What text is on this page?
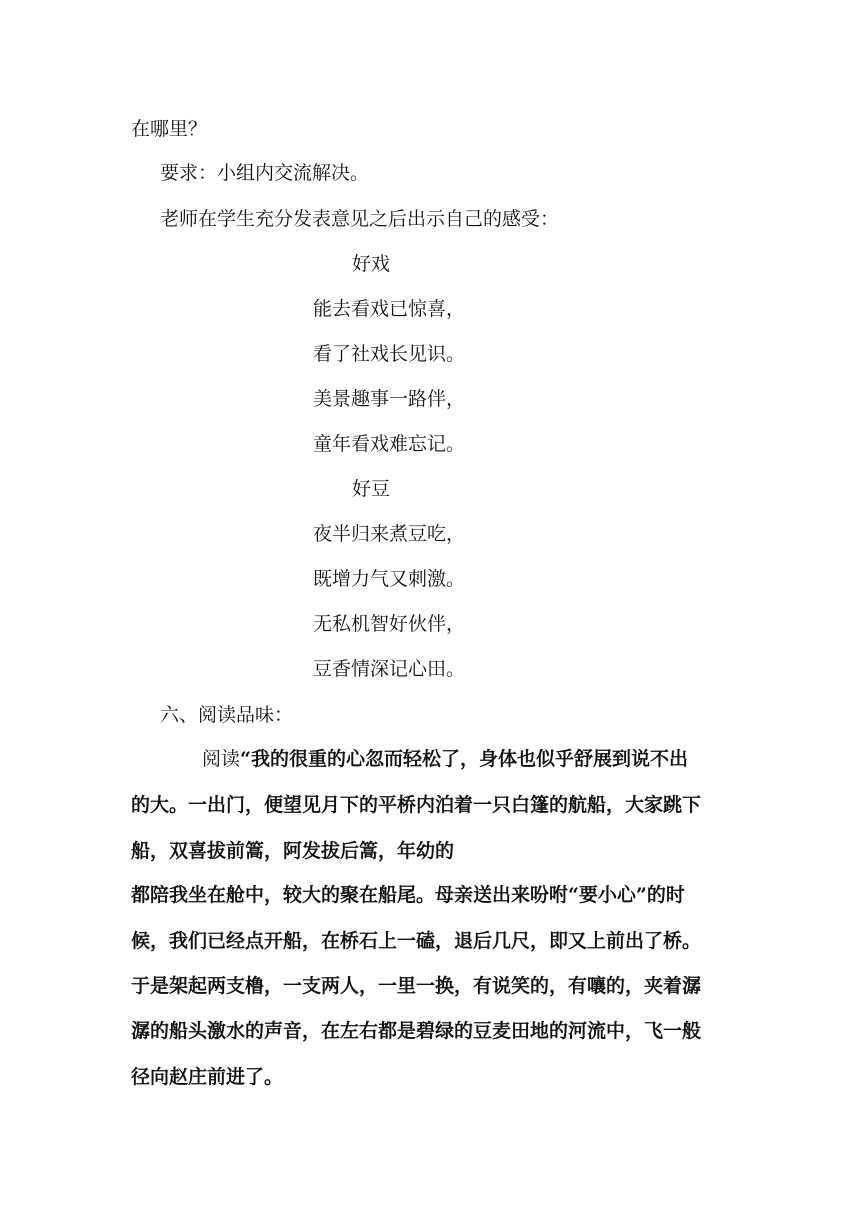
在哪里？
要求：小组内交流解决。
老师在学生充分发表意见之后出示自己的感受：
好戏
能去看戏已惊喜，
看了社戏长见识。
美景趣事一路伴，
童年看戏难忘记。
好豆
夜半归来煮豆吃，
既增力气又刺激。
无私机智好伙伴，
豆香情深记心田。
六、阅读品味：
阅读“我的很重的心忽而轻松了，身体也似乎舒展到说不出
的大。一出门，便望见月下的平桥内泊着一只白篷的航船，大家跳下
船，双喜拔前篙，阿发拔后篙，年幼的
都陪我坐在舱中，较大的聚在船尾。母亲送出来吩咐“要小心”的时
候，我们已经点开船，在桥石上一磕，退后几尺，即又上前出了桥。
于是架起两支橹，一支两人，一里一换，有说笑的，有嚷的，夹着潺
潺的船头激水的声音，在左右都是碧绿的豆麦田地的河流中，飞一般
径向赵庄前进了。
